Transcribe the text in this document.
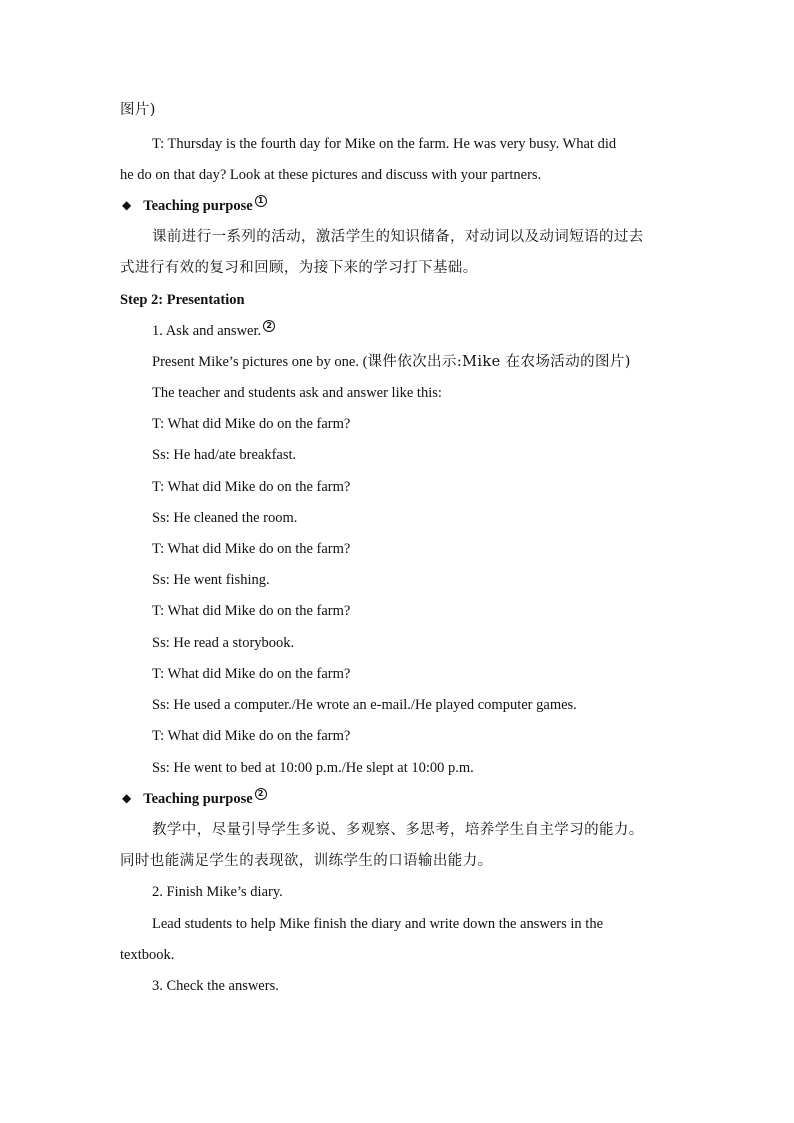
图片)
T: Thursday is the fourth day for Mike on the farm. He was very busy. What did
he do on that day? Look at these pictures and discuss with your partners.
◆ Teaching purpose 1
课前进行一系列的活动，激活学生的知识储备，对动词以及动词短语的过去
式进行有效的复习和回顾，为接下来的学习打下基础。
Step 2: Presentation
1. Ask and answer. 2
Present Mike’s pictures one by one. (课件依次出示:Mike 在农场活动的图片)
The teacher and students ask and answer like this:
T: What did Mike do on the farm?
Ss: He had/ate breakfast.
T: What did Mike do on the farm?
Ss: He cleaned the room.
T: What did Mike do on the farm?
Ss: He went fishing.
T: What did Mike do on the farm?
Ss: He read a storybook.
T: What did Mike do on the farm?
Ss: He used a computer./He wrote an e-mail./He played computer games.
T: What did Mike do on the farm?
Ss: He went to bed at 10:00 p.m./He slept at 10:00 p.m.
◆ Teaching purpose 2
教学中，尽量引导学生多说、多观察、多思考，培养学生自主学习的能力。
同时也能满足学生的表现欲，训练学生的口语输出能力。
2. Finish Mike’s diary.
Lead students to help Mike finish the diary and write down the answers in the
textbook.
3. Check the answers.
